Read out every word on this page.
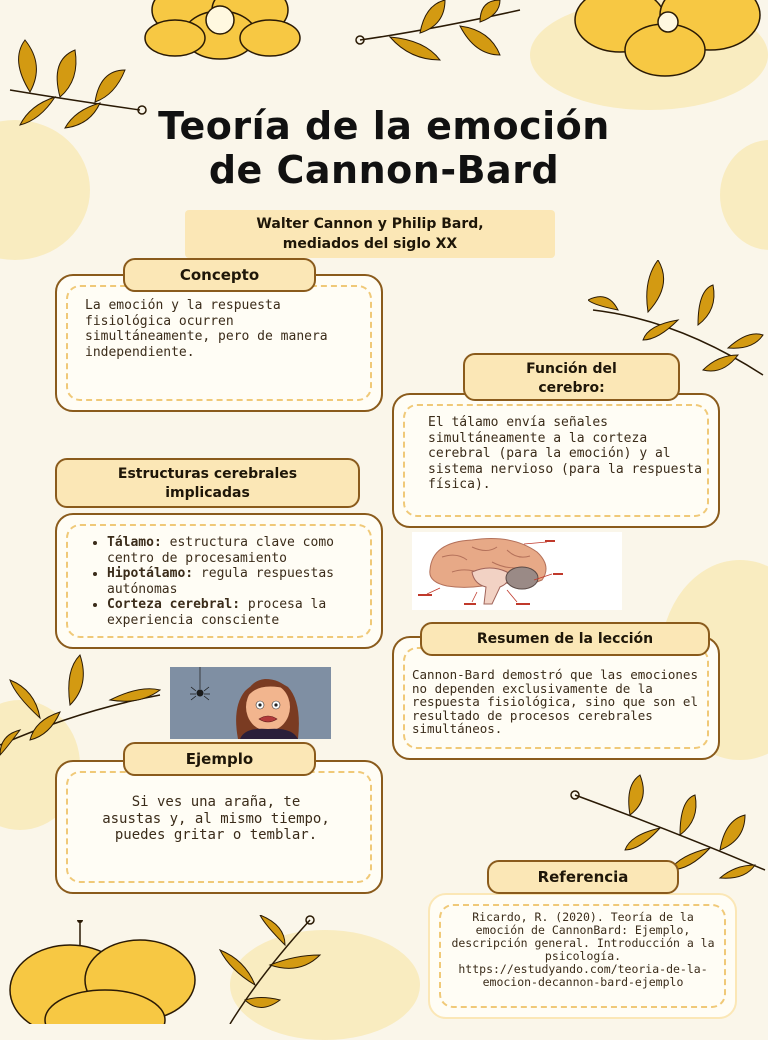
Teoría de la emoción
de Cannon-Bard
Walter Cannon y Philip Bard,
mediados del siglo XX
La emoción y la respuesta fisiológica ocurren simultáneamente, pero de manera independiente.
Concepto
El tálamo envía señales simultáneamente a la corteza cerebral (para la emoción) y al sistema nervioso (para la respuesta física).
Función del
cerebro:
• Tálamo: estructura clave como centro de procesamiento
• Hipotálamo: regula respuestas autónomas
• Corteza cerebral: procesa la experiencia consciente
Estructuras cerebrales
implicadas
Cannon-Bard demostró que las emociones no dependen exclusivamente de la respuesta fisiológica, sino que son el resultado de procesos cerebrales simultáneos.
Resumen de la lección
Si ves una araña, te asustas y, al mismo tiempo, puedes gritar o temblar.
Ejemplo
Ricardo, R. (2020). Teoría de la emoción de CannonBard: Ejemplo, descripción general. Introducción a la psicología. https://estudyando.com/teoria-de-la-emocion-decannon-bard-ejemplo
Referencia
